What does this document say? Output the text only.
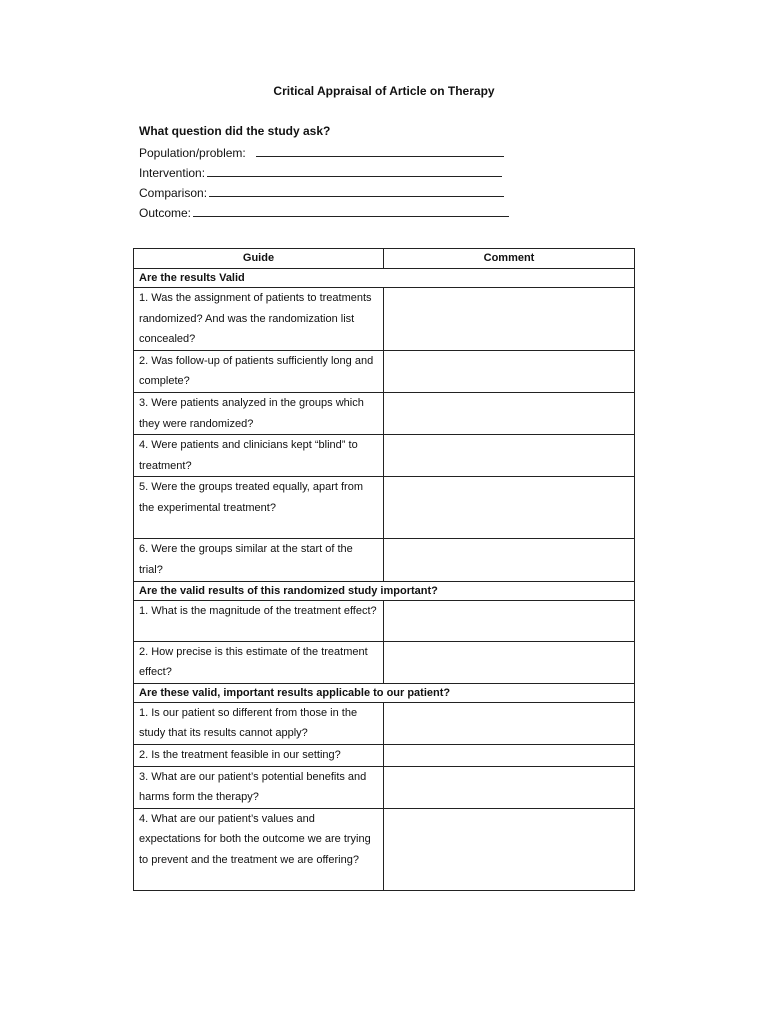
Critical Appraisal of Article on Therapy
What question did the study ask?
Population/problem:
Intervention:
Comparison:
Outcome:
Guide	Comment
Are the results Valid	
1. Was the assignment of patients to treatments randomized? And was the randomization list concealed?	
2. Was follow-up of patients sufficiently long and complete?	
3. Were patients analyzed in the groups which they were randomized?	
4. Were patients and clinicians kept “blind” to treatment?	
5. Were the groups treated equally, apart from the experimental treatment?	
6. Were the groups similar at the start of the trial?	
Are the valid results of this randomized study important?	
1. What is the magnitude of the treatment effect?	
2. How precise is this estimate of the treatment effect?	
Are these valid, important results applicable to our patient?	
1. Is our patient so different from those in the study that its results cannot apply?	
2. Is the treatment feasible in our setting?	
3. What are our patient’s potential benefits and harms form the therapy?	
4. What are our patient’s values and expectations for both the outcome we are trying to prevent and the treatment we are offering?	
